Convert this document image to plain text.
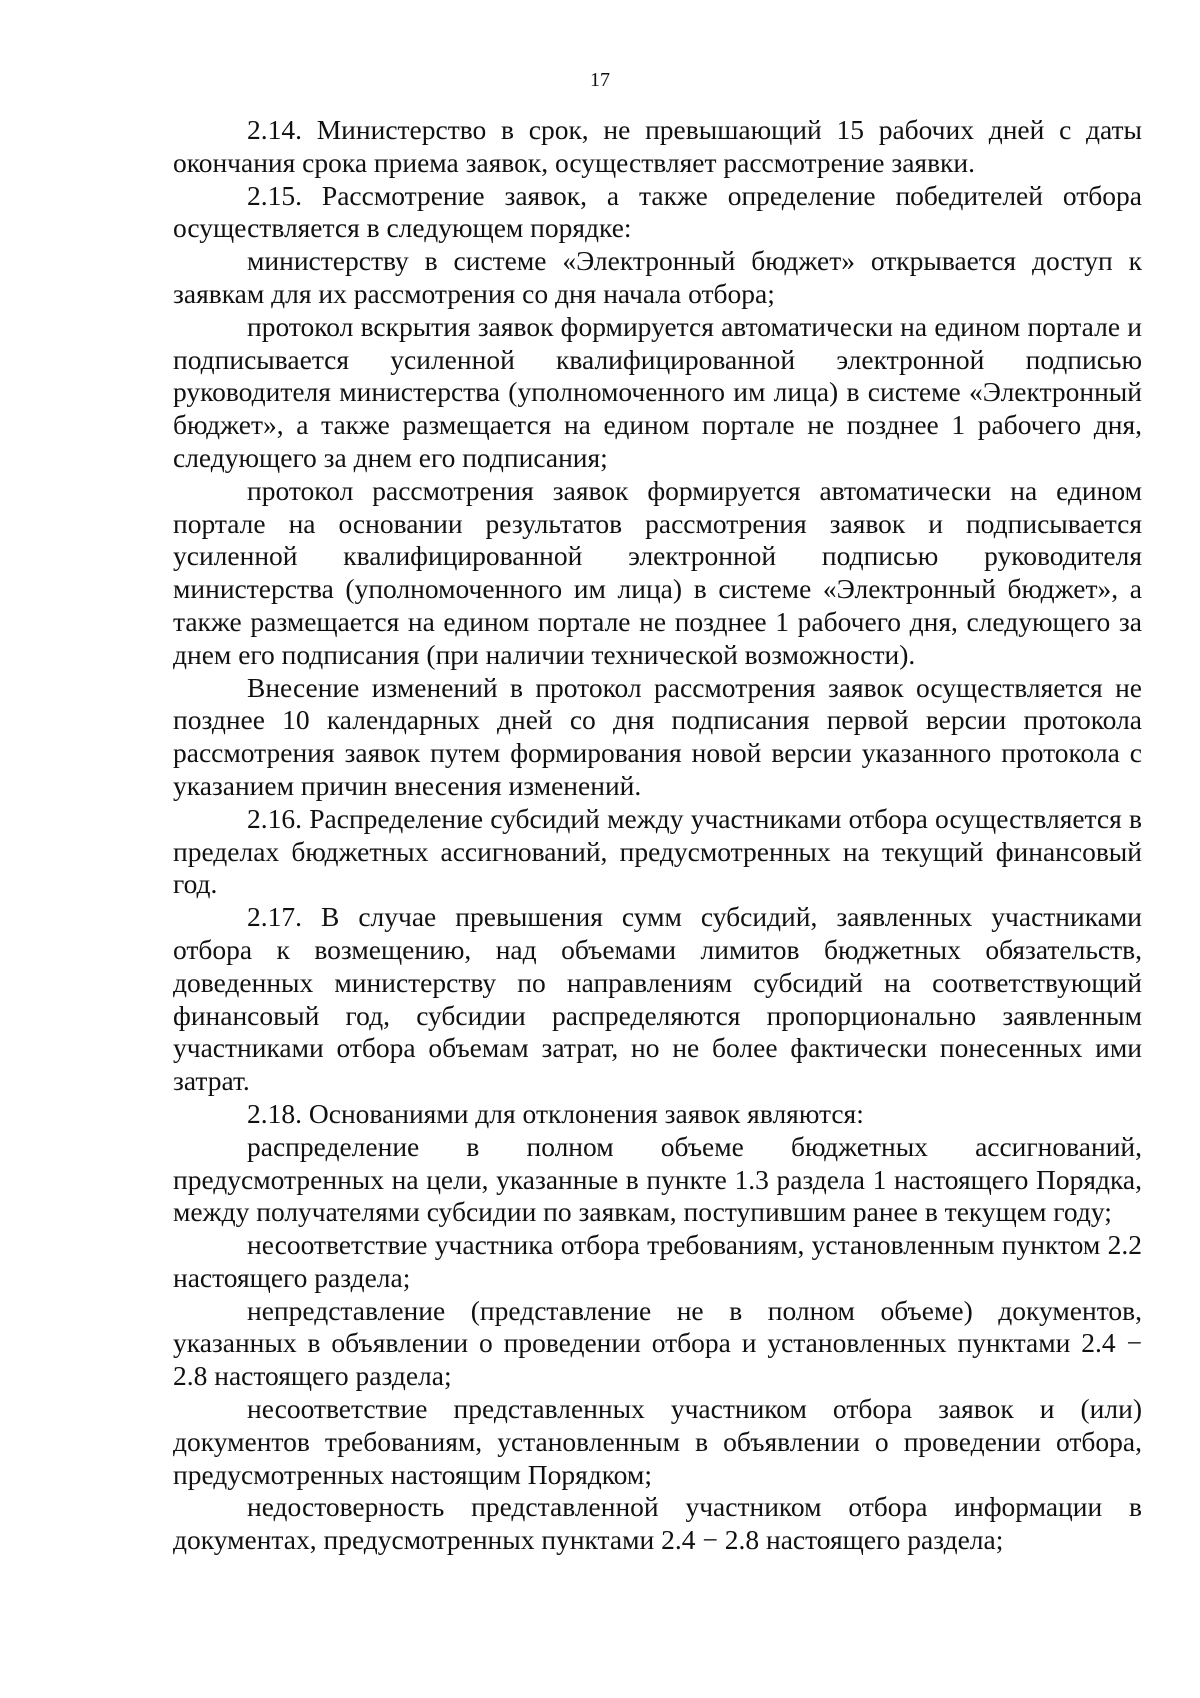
17

2.14. Министерство в срок, не превышающий 15 рабочих дней с даты окончания срока приема заявок, осуществляет рассмотрение заявки.

2.15. Рассмотрение заявок, а также определение победителей отбора осуществляется в следующем порядке:

министерству в системе «Электронный бюджет» открывается доступ к заявкам для их рассмотрения со дня начала отбора;

протокол вскрытия заявок формируется автоматически на едином портале и подписывается усиленной квалифицированной электронной подписью руководителя министерства (уполномоченного им лица) в системе «Электронный бюджет», а также размещается на едином портале не позднее 1 рабочего дня, следующего за днем его подписания;

протокол рассмотрения заявок формируется автоматически на едином портале на основании результатов рассмотрения заявок и подписывается усиленной квалифицированной электронной подписью руководителя министерства (уполномоченного им лица) в системе «Электронный бюджет», а также размещается на едином портале не позднее 1 рабочего дня, следующего за днем его подписания (при наличии технической возможности).

Внесение изменений в протокол рассмотрения заявок осуществляется не позднее 10 календарных дней со дня подписания первой версии протокола рассмотрения заявок путем формирования новой версии указанного протокола с указанием причин внесения изменений.

2.16. Распределение субсидий между участниками отбора осуществляется в пределах бюджетных ассигнований, предусмотренных на текущий финансовый год.

2.17. В случае превышения сумм субсидий, заявленных участниками отбора к возмещению, над объемами лимитов бюджетных обязательств, доведенных министерству по направлениям субсидий на соответствующий финансовый год, субсидии распределяются пропорционально заявленным участниками отбора объемам затрат, но не более фактически понесенных ими затрат.

2.18. Основаниями для отклонения заявок являются:

распределение в полном объеме бюджетных ассигнований, предусмотренных на цели, указанные в пункте 1.3 раздела 1 настоящего Порядка, между получателями субсидии по заявкам, поступившим ранее в текущем году;

несоответствие участника отбора требованиям, установленным пунктом 2.2 настоящего раздела;

непредставление (представление не в полном объеме) документов, указанных в объявлении о проведении отбора и установленных пунктами 2.4 − 2.8 настоящего раздела;

несоответствие представленных участником отбора заявок и (или) документов требованиям, установленным в объявлении о проведении отбора, предусмотренных настоящим Порядком;

недостоверность представленной участником отбора информации в документах, предусмотренных пунктами 2.4 − 2.8 настоящего раздела;
